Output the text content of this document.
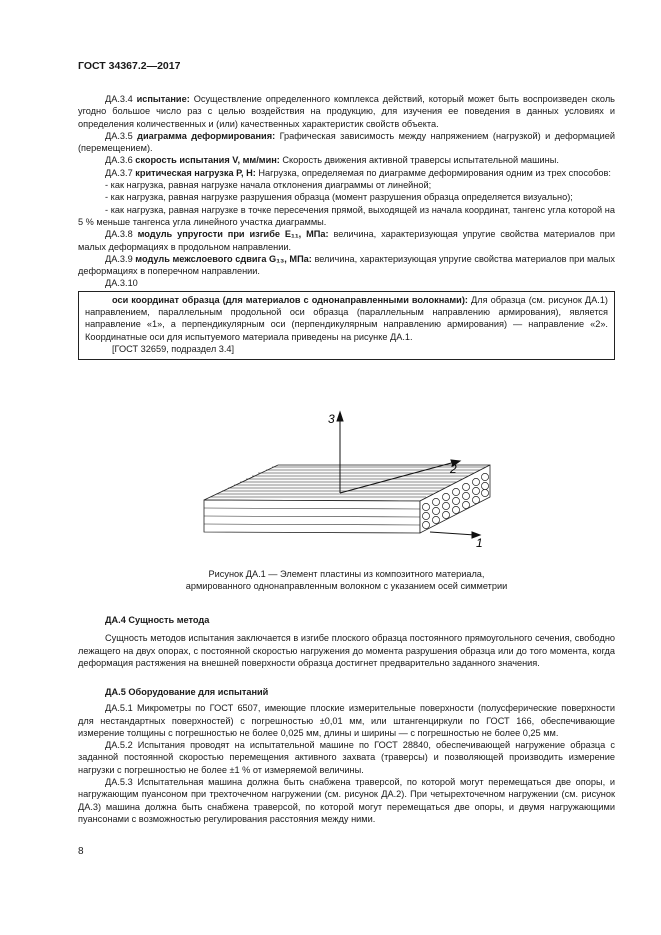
ГОСТ 34367.2—2017

ДА.3.4 испытание: Осуществление определенного комплекса действий, который может быть воспроизведен сколь угодно большое число раз с целью воздействия на продукцию, для изучения ее поведения в данных условиях и определения количественных и (или) качественных характеристик свойств объекта.

ДА.3.5 диаграмма деформирования: Графическая зависимость между напряжением (нагрузкой) и деформацией (перемещением).

ДА.3.6 скорость испытания V, мм/мин: Скорость движения активной траверсы испытательной машины.

ДА.3.7 критическая нагрузка P, Н: Нагрузка, определяемая по диаграмме деформирования одним из трех способов:

- как нагрузка, равная нагрузке начала отклонения диаграммы от линейной;

- как нагрузка, равная нагрузке разрушения образца (момент разрушения образца определяется визуально);

- как нагрузка, равная нагрузке в точке пересечения прямой, выходящей из начала координат, тангенс угла которой на 5 % меньше тангенса угла линейного участка диаграммы.

ДА.3.8 модуль упругости при изгибе E₁₁, МПа: величина, характеризующая упругие свойства материалов при малых деформациях в продольном направлении.

ДА.3.9 модуль межслоевого сдвига G₁₃, МПа: величина, характеризующая упругие свойства материалов при малых деформациях в поперечном направлении.

ДА.3.10

оси координат образца (для материалов с однонаправленными волокнами): Для образца (см. рисунок ДА.1) направлением, параллельным продольной оси образца (параллельным направлению армирования), является направление «1», а перпендикулярным оси (перпендикулярным направлению армирования) — направление «2». Координатные оси для испытуемого материала приведены на рисунке ДА.1.

[ГОСТ 32659, подраздел 3.4]

3
2
1
Рисунок ДА.1 — Элемент пластины из композитного материала,
армированного однонаправленным волокном с указанием осей симметрии

ДА.4 Сущность метода

Сущность методов испытания заключается в изгибе плоского образца постоянного прямоугольного сечения, свободно лежащего на двух опорах, с постоянной скоростью нагружения до момента разрушения образца или до того момента, когда деформация растяжения на внешней поверхности образца достигнет предварительно заданного значения.

ДА.5 Оборудование для испытаний

ДА.5.1 Микрометры по ГОСТ 6507, имеющие плоские измерительные поверхности (полусферические поверхности для нестандартных поверхностей) с погрешностью ±0,01 мм, или штангенциркули по ГОСТ 166, обеспечивающие измерение толщины с погрешностью не более 0,025 мм, длины и ширины — с погрешностью не более 0,25 мм.

ДА.5.2 Испытания проводят на испытательной машине по ГОСТ 28840, обеспечивающей нагружение образца с заданной постоянной скоростью перемещения активного захвата (траверсы) и позволяющей производить измерение нагрузки с погрешностью не более ±1 % от измеряемой величины.

ДА.5.3 Испытательная машина должна быть снабжена траверсой, по которой могут перемещаться две опоры, и нагружающим пуансоном при трехточечном нагружении (см. рисунок ДА.2). При четырехточечном нагружении (см. рисунок ДА.3) машина должна быть снабжена траверсой, по которой могут перемещаться две опоры, и двумя нагружающими пуансонами с возможностью регулирования расстояния между ними.

8
